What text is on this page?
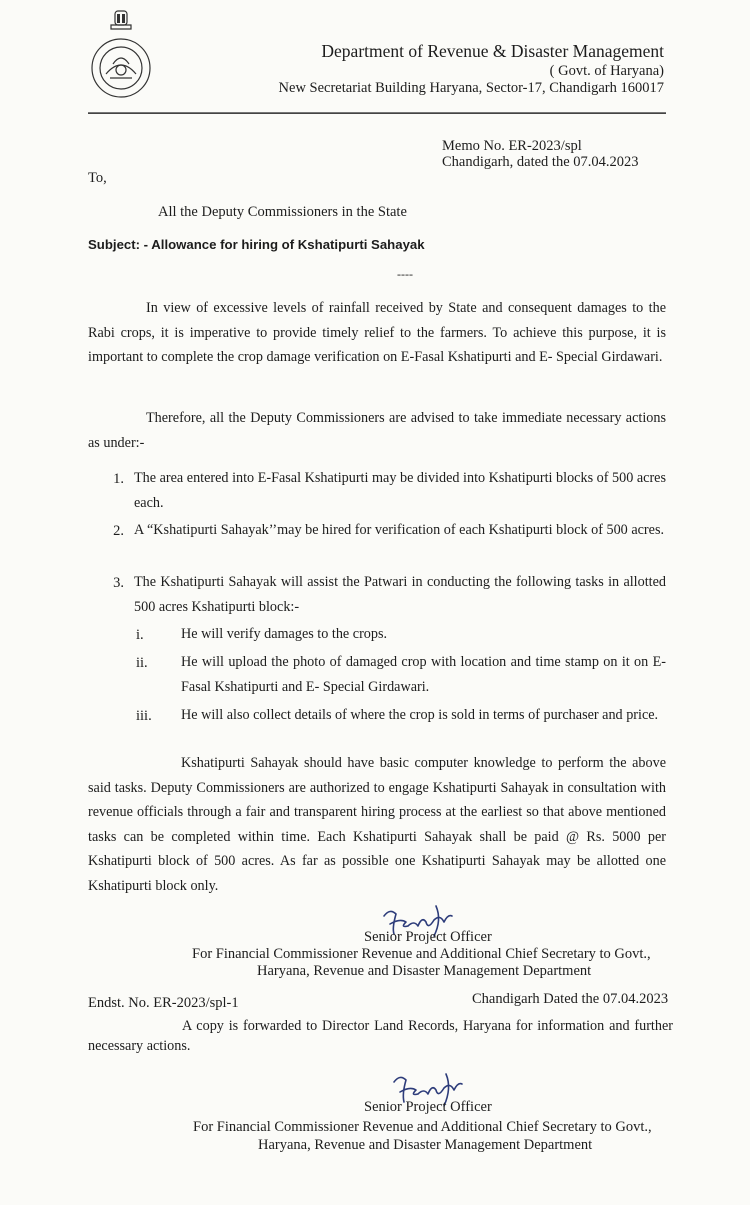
Department of Revenue & Disaster Management
( Govt. of Haryana)
New Secretariat Building Haryana, Sector-17, Chandigarh 160017
Memo No. ER-2023/spl
Chandigarh, dated the 07.04.2023
To,
All the Deputy Commissioners in the State
Subject: - Allowance for hiring of Kshatipurti Sahayak
----
In view of excessive levels of rainfall received by State and consequent damages to the Rabi crops, it is imperative to provide timely relief to the farmers. To achieve this purpose, it is important to complete the crop damage verification on E-Fasal Kshatipurti and E- Special Girdawari.
Therefore, all the Deputy Commissioners are advised to take immediate necessary actions as under:-
1. The area entered into E-Fasal Kshatipurti may be divided into Kshatipurti blocks of 500 acres each.
2. A “Kshatipurti Sahayak’’may be hired for verification of each Kshatipurti block of 500 acres.
3. The Kshatipurti Sahayak will assist the Patwari in conducting the following tasks in allotted 500 acres Kshatipurti block:-
i.	He will verify damages to the crops.
ii. He will upload the photo of damaged crop with location and time stamp on it on E-Fasal Kshatipurti and E- Special Girdawari.
iii. He will also collect details of where the crop is sold in terms of purchaser and price.
Kshatipurti Sahayak should have basic computer knowledge to perform the above said tasks. Deputy Commissioners are authorized to engage Kshatipurti Sahayak in consultation with revenue officials through a fair and transparent hiring process at the earliest so that above mentioned tasks can be completed within time. Each Kshatipurti Sahayak shall be paid @ Rs. 5000 per Kshatipurti block of 500 acres. As far as possible one Kshatipurti Sahayak may be allotted one Kshatipurti block only.
Senior Project Officer
For Financial Commissioner Revenue and Additional Chief Secretary to Govt.,
Haryana, Revenue and Disaster Management Department
Endst. No. ER-2023/spl-1	Chandigarh Dated the 07.04.2023
A copy is forwarded to Director Land Records, Haryana for information and further necessary actions.
Senior Project Officer
For Financial Commissioner Revenue and Additional Chief Secretary to Govt.,
Haryana, Revenue and Disaster Management Department
